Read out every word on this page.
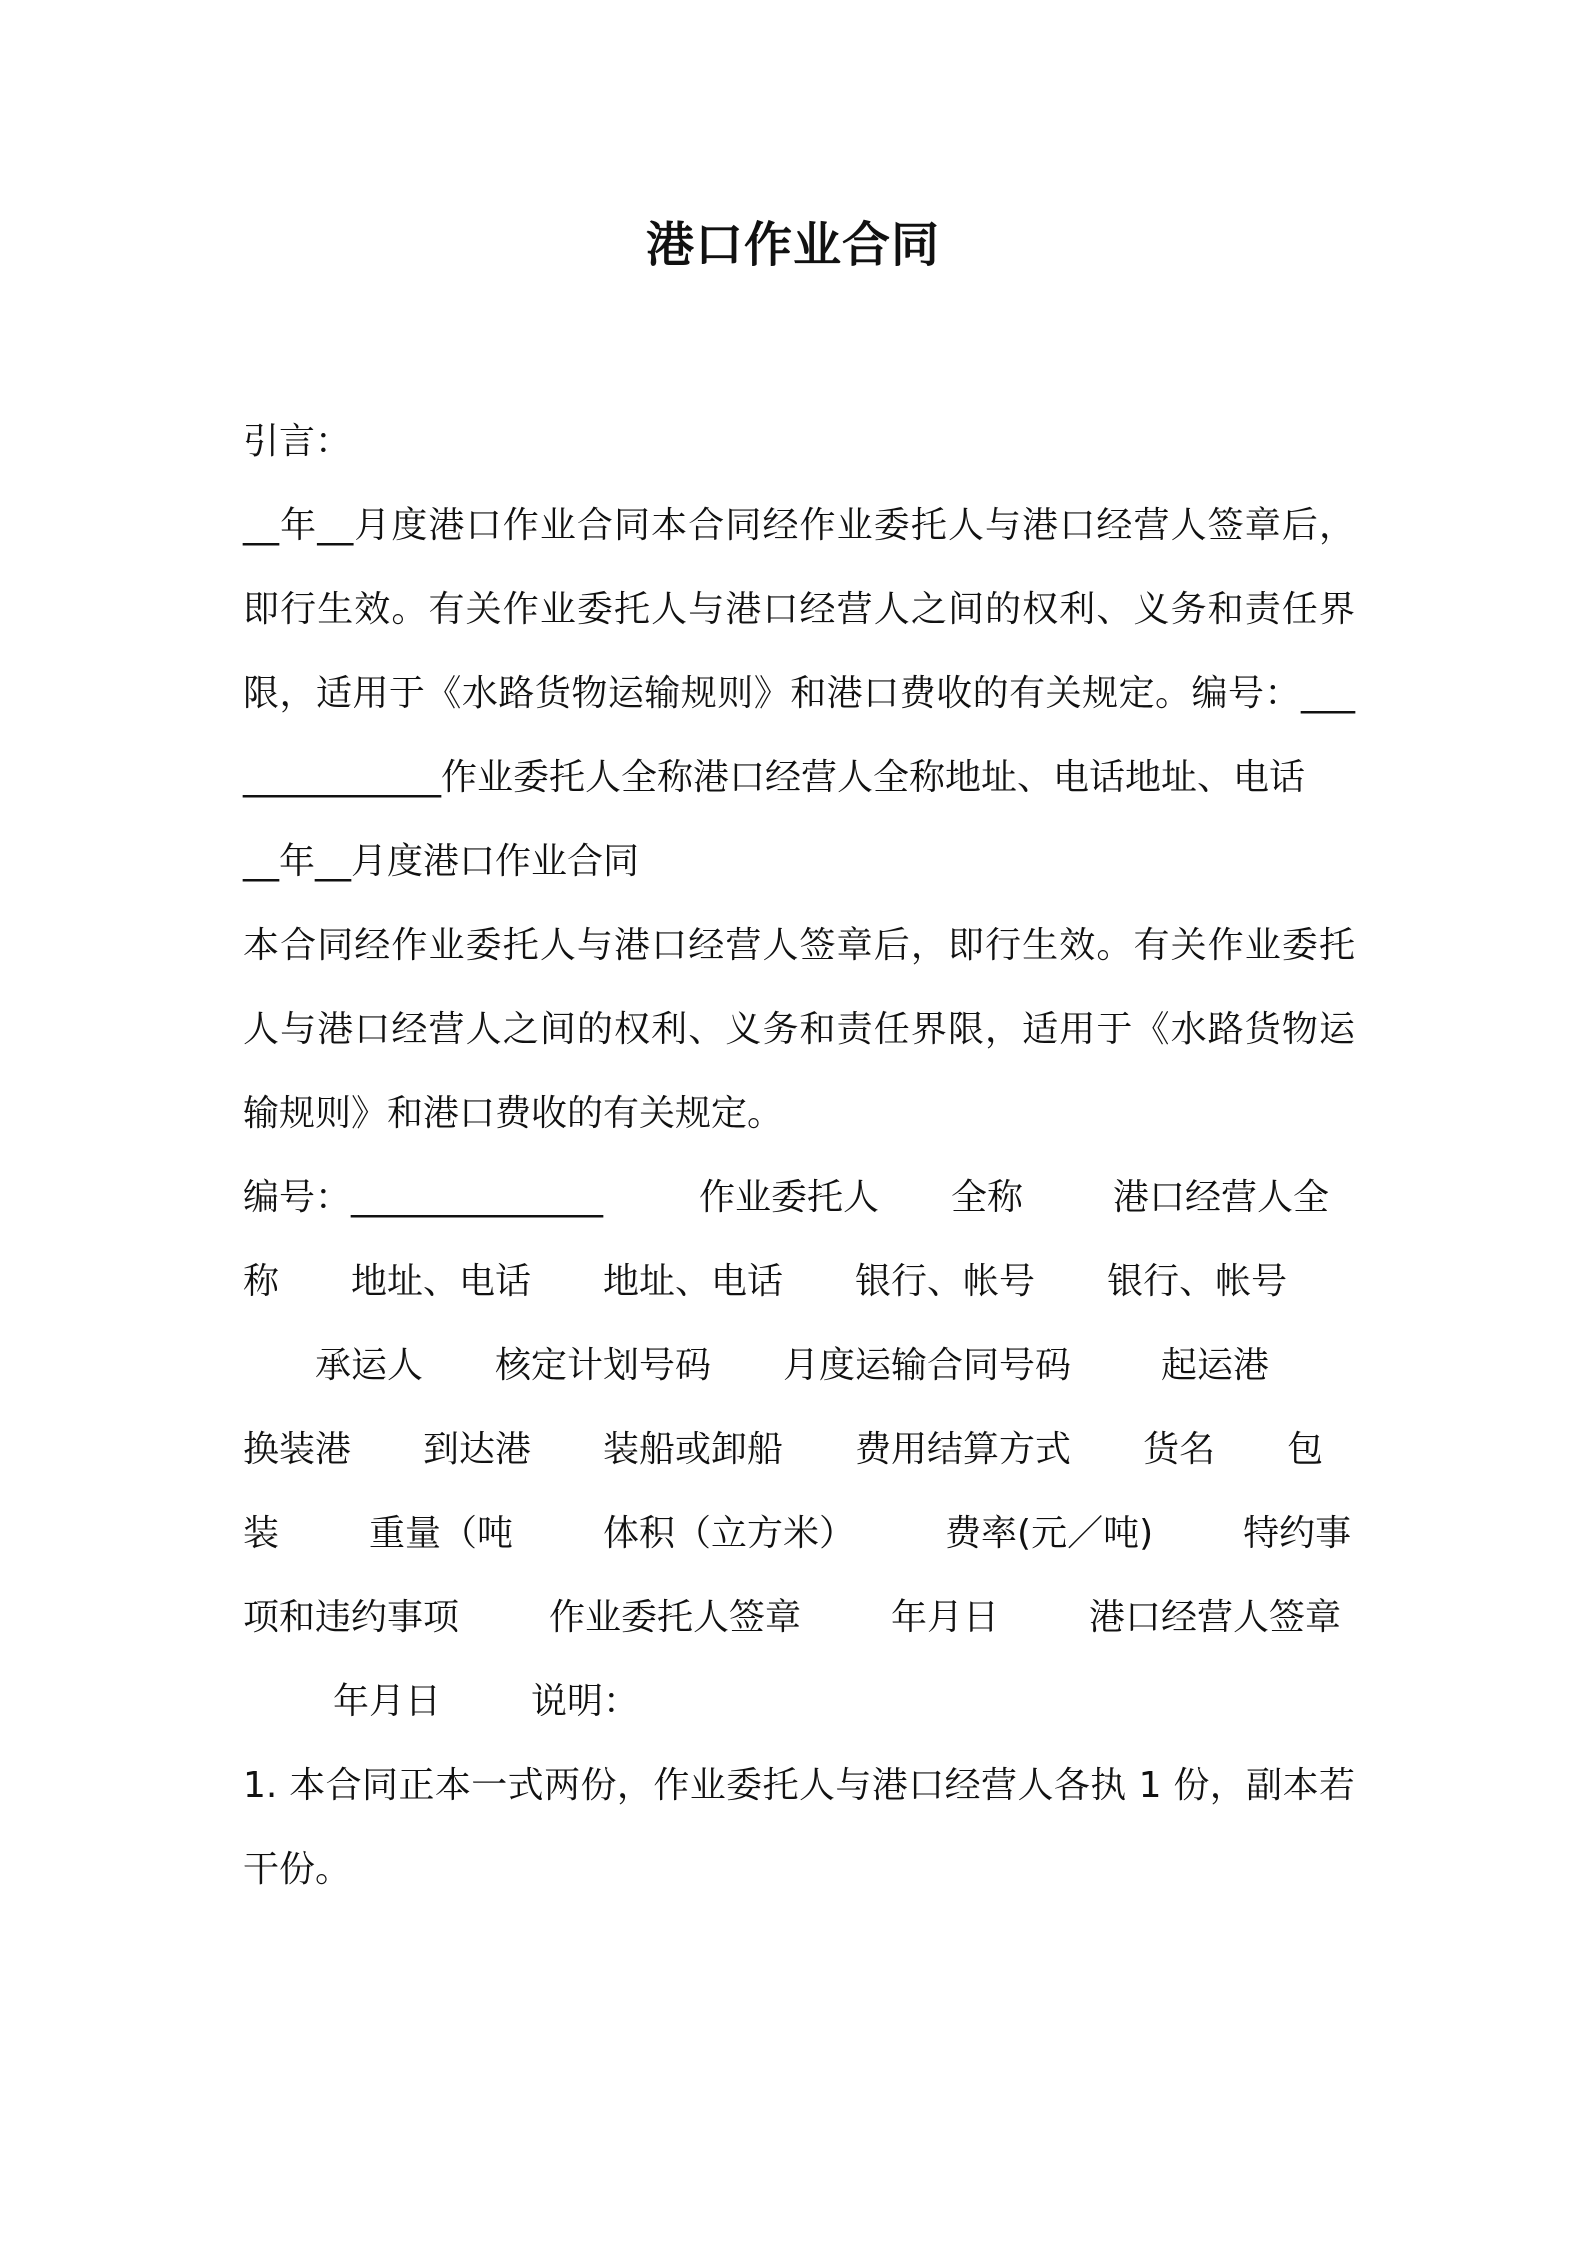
港口作业合同

引言：

__年__月度港口作业合同本合同经作业委托人与港口经营人签章后，即行生效。有关作业委托人与港口经营人之间的权利、义务和责任界限，适用于《水路货物运输规则》和港口费收的有关规定。编号：______________作业委托人全称港口经营人全称地址、电话地址、电话

__年__月度港口作业合同

本合同经作业委托人与港口经营人签章后，即行生效。有关作业委托人与港口经营人之间的权利、义务和责任界限，适用于《水路货物运输规则》和港口费收的有关规定。

编号：______________	作业委托人 全称	港口经营人全称 地址、电话 地址、电话 银行、帐号 银行、帐号承运人 核定计划号码 月度运输合同号码	起运港换装港 到达港 装船或卸船 费用结算方式 货名 包装	重量（吨	体积（立方米）	费率(元／吨)	特约事项和违约事项	作业委托人签章	年月日	港口经营人签章年月日	说明：

1. 本合同正本一式两份，作业委托人与港口经营人各执 1 份，副本若干份。
